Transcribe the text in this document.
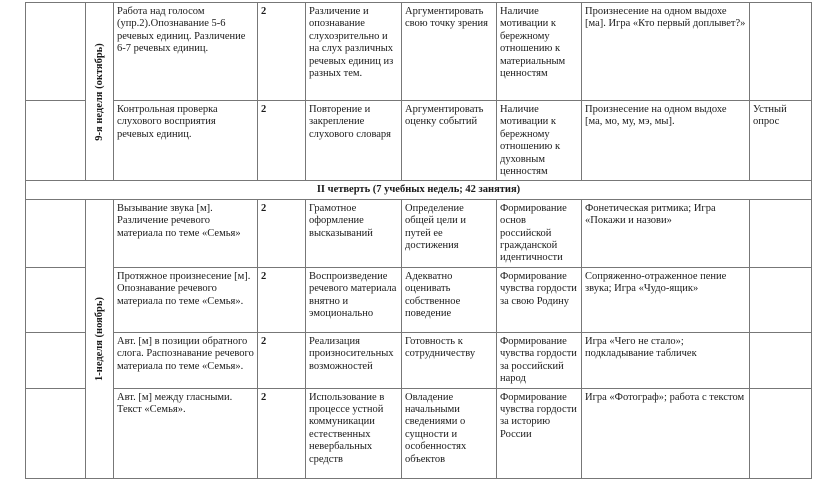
	9-я неделя (октябрь)	Работа над голосом (упр.2).Опознавание 5-6 речевых единиц. Различение 6-7 речевых единиц.	2	Различение и опознавание слухозрительно и на слух различных речевых единиц из разных тем.	Аргументировать свою точку зрения	Наличие мотивации к бережному отношению к материальным ценностям	Произнесение на одном выдохе [ма]. Игра «Кто первый доплывет?»	
		Контрольная проверка слухового восприятия речевых единиц.	2	Повторение и закрепление слухового словаря	Аргументировать оценку событий	Наличие мотивации к бережному отношению к духовным ценностям	Произнесение на одном выдохе [ма, мо, му, мэ, мы].	Устный опрос
II четверть (7 учебных недель; 42 занятия)								

	1-неделя (ноябрь)	Вызывание звука [м]. Различение речевого материала по теме «Семья»	2	Грамотное оформление высказываний	Определение общей цели и путей ее достижения	Формирование основ российской гражданской идентичности	Фонетическая ритмика; Игра «Покажи и назови»	
		Протяжное произнесение [м]. Опознавание речевого материала по теме «Семья».	2	Воспроизведение речевого материала внятно и эмоционально	Адекватно оценивать собственное поведение	Формирование чувства гордости за свою Родину	Сопряженно-отраженное пение звука; Игра «Чудо-ящик»	
		Авт. [м] в позиции обратного слога. Распознавание речевого материала по теме «Семья».	2	Реализация произносительных возможностей	Готовность к сотрудничеству	Формирование чувства гордости за российский народ	Игра «Чего не стало»; подкладывание табличек	
		Авт. [м] между гласными. Текст «Семья».	2	Использование в процессе устной коммуникации естественных невербальных средств	Овладение начальными сведениями о сущности и особенностях объектов	Формирование чувства гордости за историю России	Игра «Фотограф»; работа с текстом	
